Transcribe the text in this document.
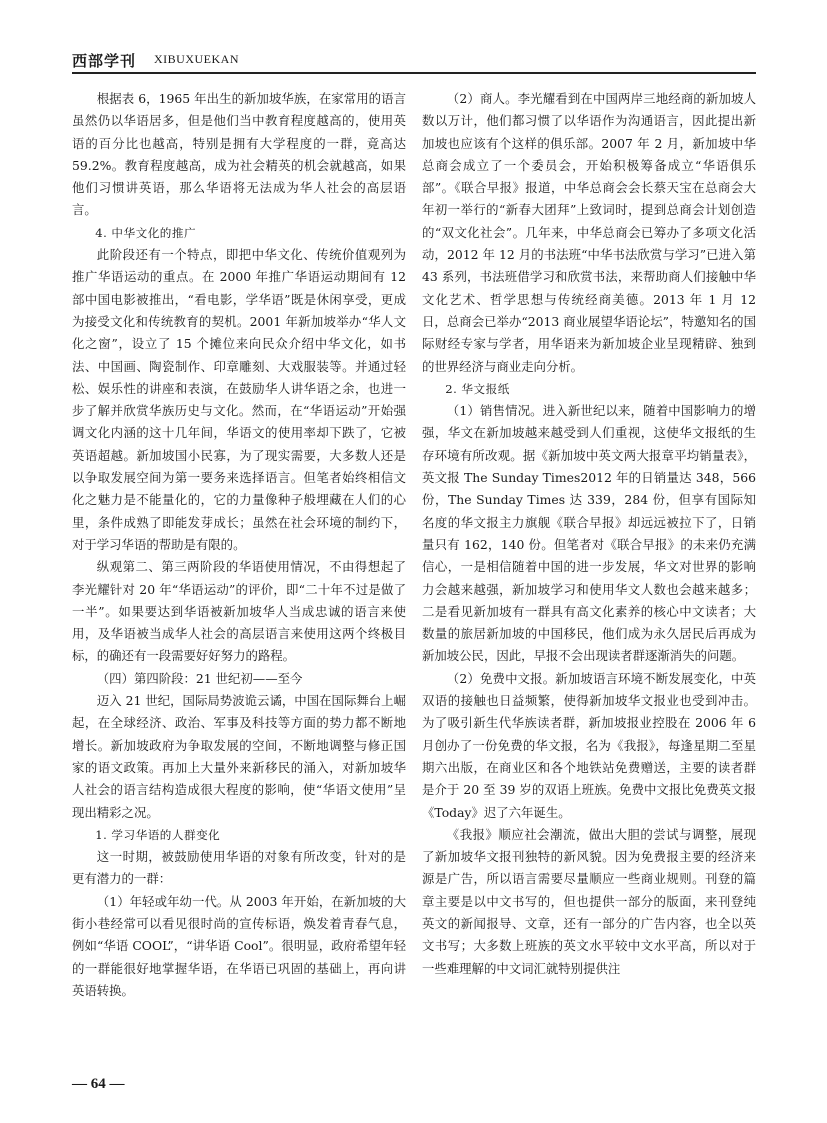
西部学刊 XIBUXUEKAN

根据表 6，1965 年出生的新加坡华族，在家常用的语言虽然仍以华语居多，但是他们当中教育程度越高的，使用英语的百分比也越高，特别是拥有大学程度的一群，竟高达 59.2%。教育程度越高，成为社会精英的机会就越高，如果他们习惯讲英语，那么华语将无法成为华人社会的高层语言。

4. 中华文化的推广

此阶段还有一个特点，即把中华文化、传统价值观列为推广华语运动的重点。在 2000 年推广华语运动期间有 12 部中国电影被推出，“看电影，学华语”既是休闲享受，更成为接受文化和传统教育的契机。2001 年新加坡举办“华人文化之窗”，设立了 15 个摊位来向民众介绍中华文化，如书法、中国画、陶瓷制作、印章雕刻、大戏服装等。并通过轻松、娱乐性的讲座和表演，在鼓励华人讲华语之余，也进一步了解并欣赏华族历史与文化。然而，在“华语运动”开始强调文化内涵的这十几年间，华语文的使用率却下跌了，它被英语超越。新加坡国小民寡，为了现实需要，大多数人还是以争取发展空间为第一要务来选择语言。但笔者始终相信文化之魅力是不能量化的，它的力量像种子般埋藏在人们的心里，条件成熟了即能发芽成长；虽然在社会环境的制约下，对于学习华语的帮助是有限的。

纵观第二、第三两阶段的华语使用情况，不由得想起了李光耀针对 20 年“华语运动”的评价，即“二十年不过是做了一半”。如果要达到华语被新加坡华人当成忠诚的语言来使用，及华语被当成华人社会的高层语言来使用这两个终极目标，的确还有一段需要好好努力的路程。

（四）第四阶段：21 世纪初——至今

迈入 21 世纪，国际局势波诡云谲，中国在国际舞台上崛起，在全球经济、政治、军事及科技等方面的势力都不断地增长。新加坡政府为争取发展的空间，不断地调整与修正国家的语文政策。再加上大量外来新移民的涌入，对新加坡华人社会的语言结构造成很大程度的影响，使“华语文使用”呈现出精彩之况。

1. 学习华语的人群变化

这一时期，被鼓励使用华语的对象有所改变，针对的是更有潜力的一群：

（1）年轻或年幼一代。从 2003 年开始，在新加坡的大街小巷经常可以看见很时尚的宣传标语，焕发着青春气息，例如“华语 COOL”，“讲华语 Cool”。很明显，政府希望年轻的一群能很好地掌握华语，在华语已巩固的基础上，再向讲英语转换。

（2）商人。李光耀看到在中国两岸三地经商的新加坡人数以万计，他们都习惯了以华语作为沟通语言，因此提出新加坡也应该有个这样的俱乐部。2007 年 2 月，新加坡中华总商会成立了一个委员会，开始积极筹备成立“华语俱乐部”。《联合早报》报道，中华总商会会长蔡天宝在总商会大年初一举行的“新春大团拜”上致词时，提到总商会计划创造的“双文化社会”。几年来，中华总商会已筹办了多项文化活动，2012 年 12 月的书法班“中华书法欣赏与学习”已进入第 43 系列，书法班借学习和欣赏书法，来帮助商人们接触中华文化艺术、哲学思想与传统经商美德。2013 年 1 月 12 日，总商会已举办“2013 商业展望华语论坛”，特邀知名的国际财经专家与学者，用华语来为新加坡企业呈现精辟、独到的世界经济与商业走向分析。

2. 华文报纸

（1）销售情况。进入新世纪以来，随着中国影响力的增强，华文在新加坡越来越受到人们重视，这使华文报纸的生存环境有所改观。据《新加坡中英文两大报章平均销量表》，英文报 The Sunday Times2012 年的日销量达 348，566 份，The Sunday Times 达 339，284 份，但享有国际知名度的华文报主力旗舰《联合早报》却远远被拉下了，日销量只有 162，140 份。但笔者对《联合早报》的未来仍充满信心，一是相信随着中国的进一步发展，华文对世界的影响力会越来越强，新加坡学习和使用华文人数也会越来越多；二是看见新加坡有一群具有高文化素养的核心中文读者；大数量的旅居新加坡的中国移民，他们成为永久居民后再成为新加坡公民，因此，早报不会出现读者群逐渐消失的问题。

（2）免费中文报。新加坡语言环境不断发展变化，中英双语的接触也日益频繁，使得新加坡华文报业也受到冲击。为了吸引新生代华族读者群，新加坡报业控股在 2006 年 6 月创办了一份免费的华文报，名为《我报》，每逢星期二至星期六出版，在商业区和各个地铁站免费赠送，主要的读者群是介于 20 至 39 岁的双语上班族。免费中文报比免费英文报《Today》迟了六年诞生。

《我报》顺应社会潮流，做出大胆的尝试与调整，展现了新加坡华文报刊独特的新风貌。因为免费报主要的经济来源是广告，所以语言需要尽量顺应一些商业规则。刊登的篇章主要是以中文书写的，但也提供一部分的版面，来刊登纯英文的新闻报导、文章，还有一部分的广告内容，也全以英文书写；大多数上班族的英文水平较中文水平高，所以对于一些难理解的中文词汇就特别提供注

— 64 —
